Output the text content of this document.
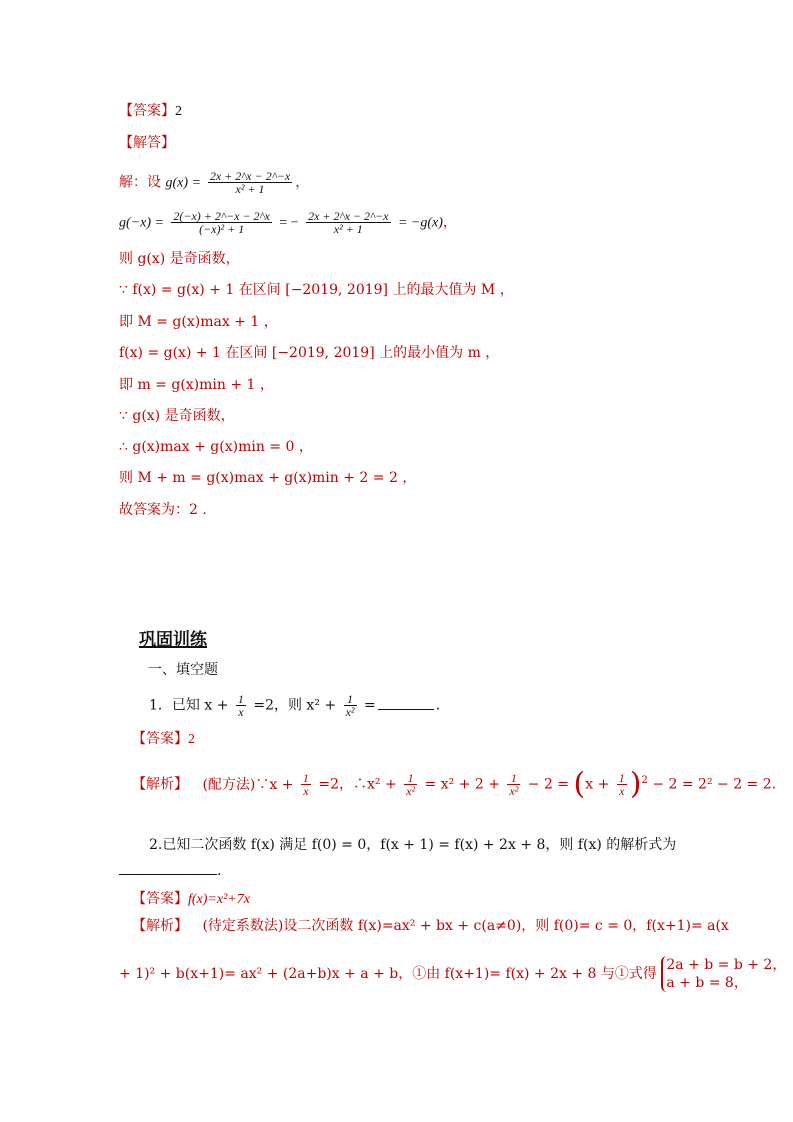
【答案】2
【解答】
解：设 $g(x) = \frac{2x + 2\^{}x - 2\^{}-x}{\text{x² + 1}}$ ，
$g(-x) = \frac{2(-x) + 2\^{}-x - 2\^{}x}{\text{(−x)² + 1}}$ = − $\frac{2x + 2\^{}x - 2\^{}-x}{\text{x² + 1}} = -g(x)$，
则 g(x) 是奇函数，
∵ f(x) = g(x) + 1 在区间 [−2019, 2019] 上的最大值为 M ，
即 M = g(x)max + 1 ，
f(x) = g(x) + 1 在区间 [−2019, 2019] 上的最小值为 m ，
即 m = g(x)min + 1 ，
∵ g(x) 是奇函数，
∴ g(x)max + g(x)min = 0 ，
则 M + m = g(x)max + g(x)min + 2 = 2 ，
故答案为：2 .
巩固训练
一、填空题
1．已知 $x + \frac{1}{x} =2$，则 $x^2 + \frac{1}{\text{x²}}$ =	.
【答案】2
【解析】 (配方法)∵x + $\frac{1}{x} =2$，∴x² + $\frac{1}{\text{x²}} = x^2 + 2 + \frac{1}{\text{x²}} - 2 = (x + \frac{1}{x} )^2 - 2 = 2^2 - 2 = 2$.
2.已知二次函数 f(x) 满足 f(0) = 0，f(x + 1) = f(x) + 2x + 8，则 f(x) 的解析式为
.
【答案】f(x)=x²+7x
【解析】 (待定系数法)设二次函数 f(x)=ax² + bx + c(a≠0)，则 f(0)= c = 0，f(x+1)= a(x
+ 1)² + b(x+1)= ax² + (2a+b)x + a + b，①由 f(x+1)= f(x) + 2x + 8 与①式得
2a + b = b + 2，
a + b = 8，
